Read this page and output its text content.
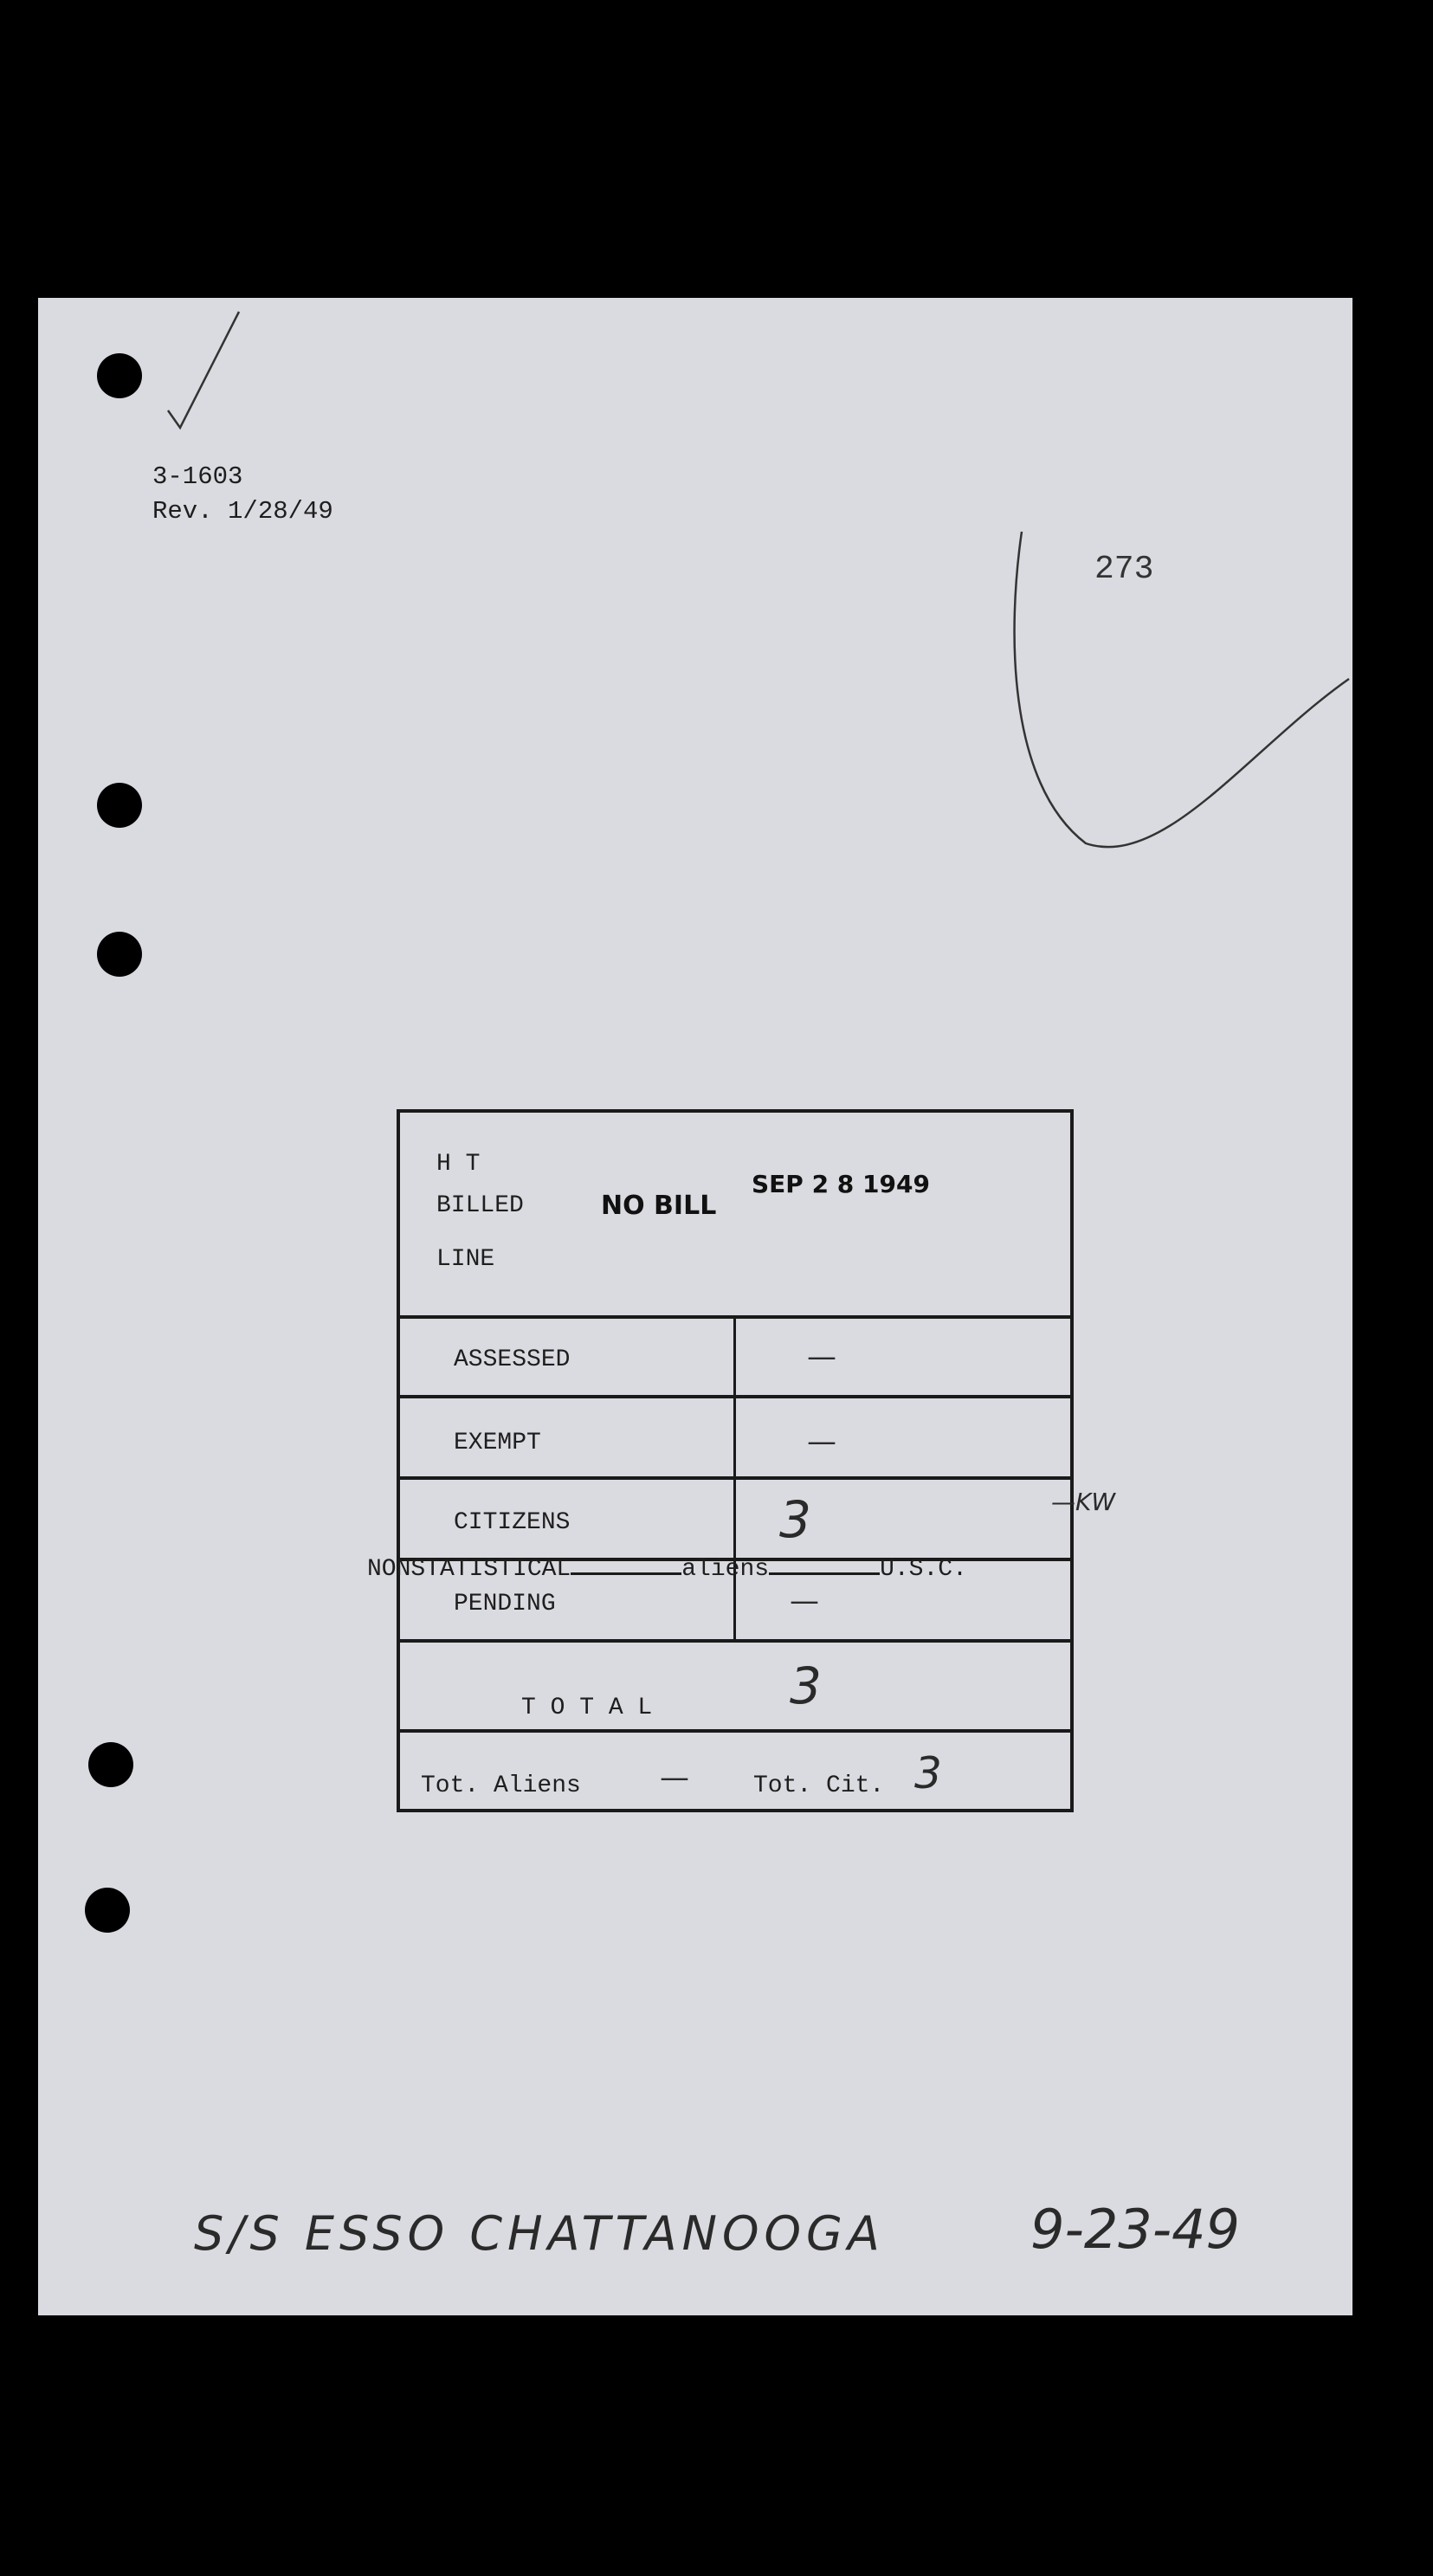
3-1603
Rev. 1/28/49
273
H T
BILLED
LINE
NO BILL
SEP 2 8 1949
ASSESSED	—
EXEMPT	—
CITIZENS	3
PENDING	—
T O T A L	3
Tot. Aliens	—	Tot. Cit. 3
—KW
NONSTATISTICAL	aliens	U.S.C.
S/S ESSO CHATTANOOGA	9-23-49
